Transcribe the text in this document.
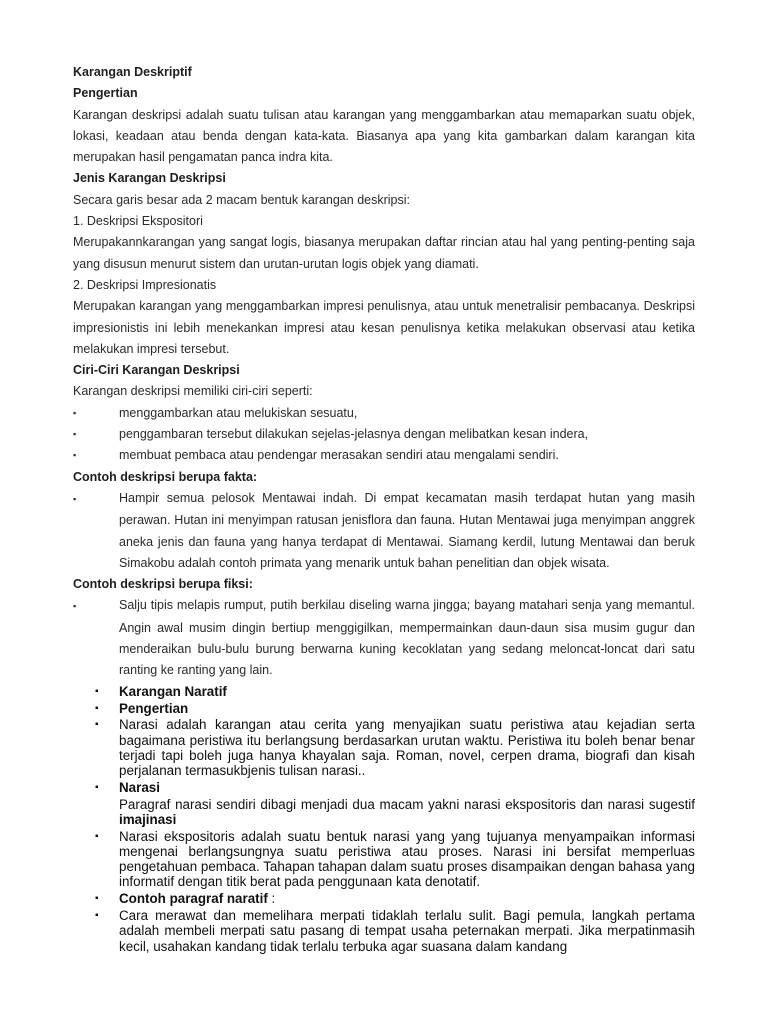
Karangan Deskriptif

Pengertian

Karangan deskripsi adalah suatu tulisan atau karangan yang menggambarkan atau memaparkan suatu objek, lokasi, keadaan atau benda dengan kata-kata. Biasanya apa yang kita gambarkan dalam karangan kita merupakan hasil pengamatan panca indra kita.

Jenis Karangan Deskripsi

Secara garis besar ada 2 macam bentuk karangan deskripsi:

1. Deskripsi Ekspositori

Merupakannkarangan yang sangat logis, biasanya merupakan daftar rincian atau hal yang penting-penting saja yang disusun menurut sistem dan urutan-urutan logis objek yang diamati.

2. Deskripsi Impresionatis

Merupakan karangan yang menggambarkan impresi penulisnya, atau untuk menetralisir pembacanya. Deskripsi impresionistis ini lebih menekankan impresi atau kesan penulisnya ketika melakukan observasi atau ketika melakukan impresi tersebut.

Ciri-Ciri Karangan Deskripsi

Karangan deskripsi memiliki ciri-ciri seperti:

▪	menggambarkan atau melukiskan sesuatu,
▪	penggambaran tersebut dilakukan sejelas-jelasnya dengan melibatkan kesan indera,
▪	membuat pembaca atau pendengar merasakan sendiri atau mengalami sendiri.

Contoh deskripsi berupa fakta:

▪	Hampir semua pelosok Mentawai indah. Di empat kecamatan masih terdapat hutan yang masih perawan. Hutan ini menyimpan ratusan jenisflora dan fauna. Hutan Mentawai juga menyimpan anggrek aneka jenis dan fauna yang hanya terdapat di Mentawai. Siamang kerdil, lutung Mentawai dan beruk Simakobu adalah contoh primata yang menarik untuk bahan penelitian dan objek wisata.

Contoh deskripsi berupa fiksi:

▪	Salju tipis melapis rumput, putih berkilau diseling warna jingga; bayang matahari senja yang memantul. Angin awal musim dingin bertiup menggigilkan, mempermainkan daun-daun sisa musim gugur dan menderaikan bulu-bulu burung berwarna kuning kecoklatan yang sedang meloncat-loncat dari satu ranting ke ranting yang lain.

▪	Karangan Naratif
▪	Pengertian
▪	Narasi adalah karangan atau cerita yang menyajikan suatu peristiwa atau kejadian serta bagaimana peristiwa itu berlangsung berdasarkan urutan waktu. Peristiwa itu boleh benar benar terjadi tapi boleh juga hanya khayalan saja. Roman, novel, cerpen drama, biografi dan kisah perjalanan termasukbjenis tulisan narasi..
▪	Narasi

Paragraf narasi sendiri dibagi menjadi dua macam yakni narasi ekspositoris dan narasi sugestif imajinasi

▪	Narasi ekspositoris adalah suatu bentuk narasi yang yang tujuanya menyampaikan informasi mengenai berlangsungnya suatu peristiwa atau proses. Narasi ini bersifat memperluas pengetahuan pembaca. Tahapan tahapan dalam suatu proses disampaikan dengan bahasa yang informatif dengan titik berat pada penggunaan kata denotatif.
▪	Contoh paragraf naratif :
▪	Cara merawat dan memelihara merpati tidaklah terlalu sulit. Bagi pemula, langkah pertama adalah membeli merpati satu pasang di tempat usaha peternakan merpati. Jika merpatinmasih kecil, usahakan kandang tidak terlalu terbuka agar suasana dalam kandang
